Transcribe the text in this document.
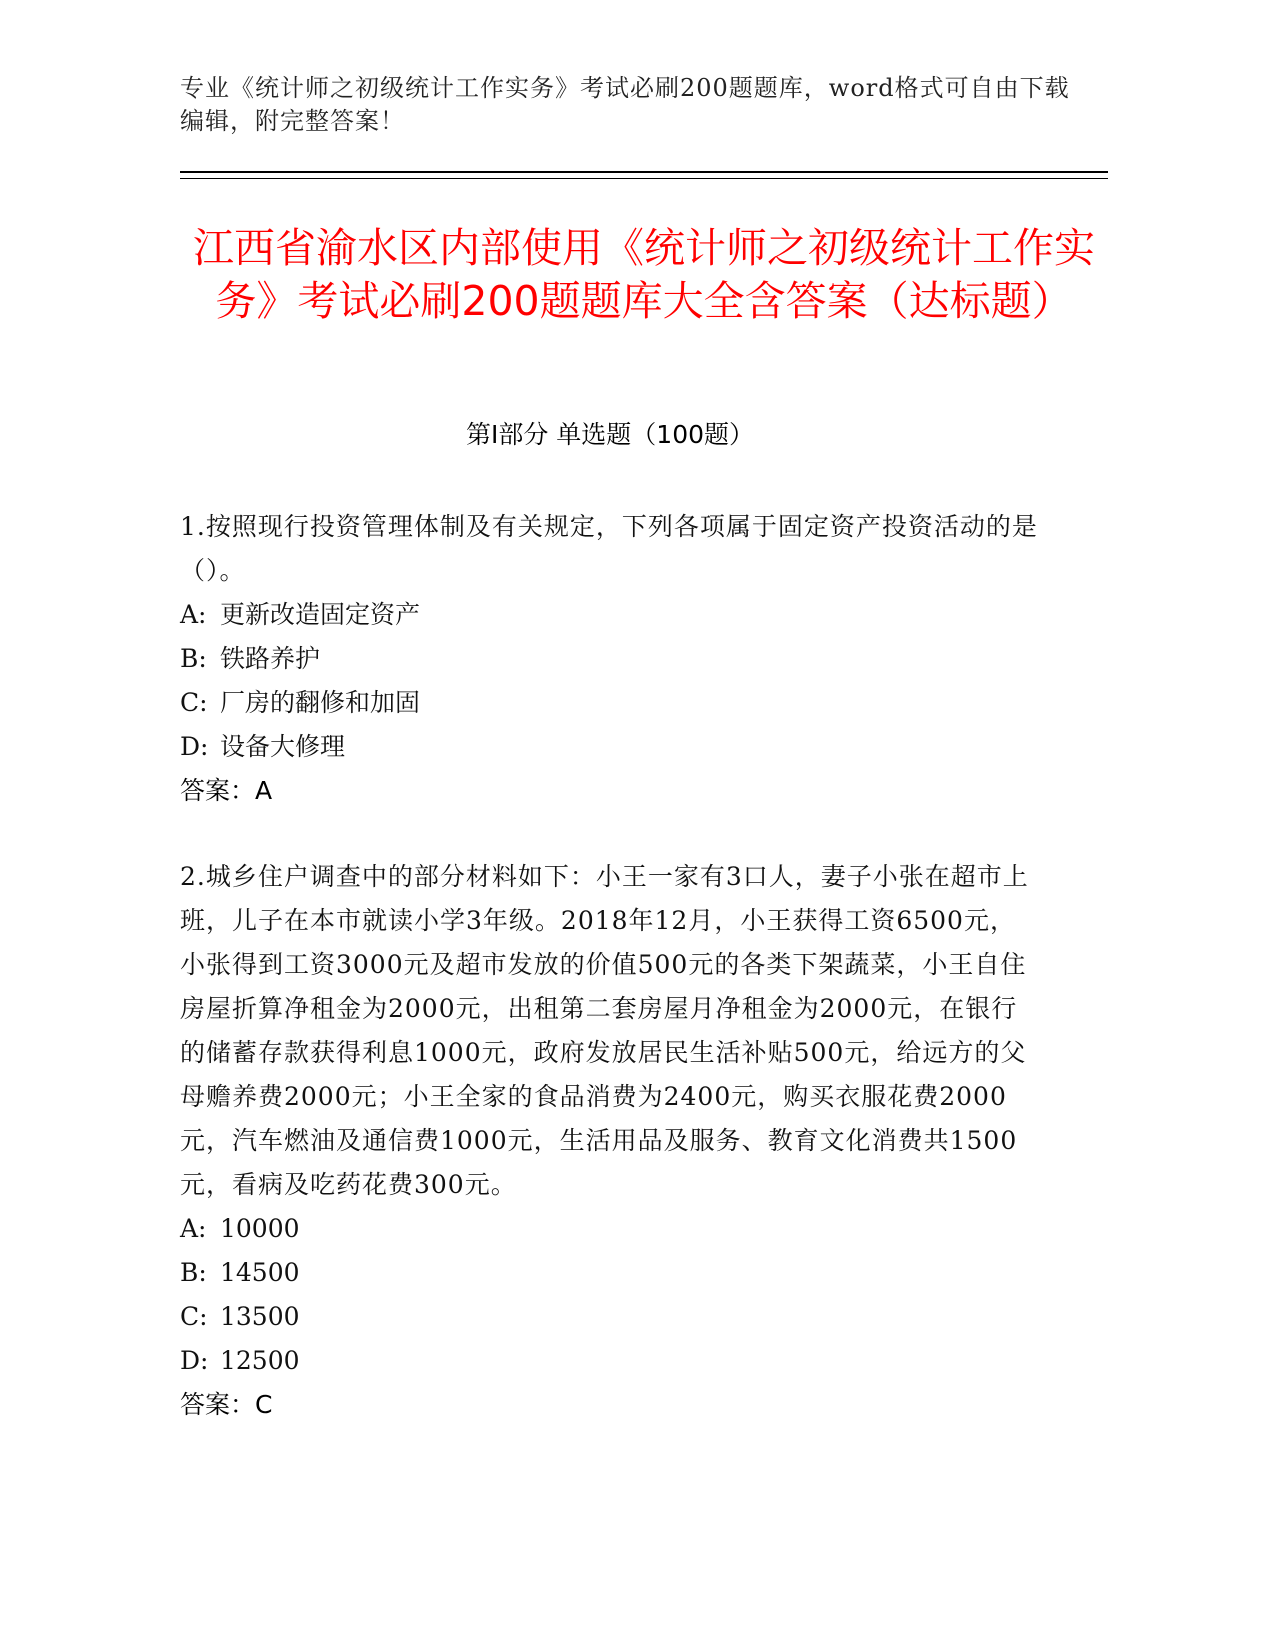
专业《统计师之初级统计工作实务》考试必刷200题题库，word格式可自由下载编辑，附完整答案！
江西省渝水区内部使用《统计师之初级统计工作实务》考试必刷200题题库大全含答案（达标题）
第I部分 单选题（100题）

1.按照现行投资管理体制及有关规定，下列各项属于固定资产投资活动的是（）。

A: 更新改造固定资产

B: 铁路养护

C: 厂房的翻修和加固

D: 设备大修理

答案：A

2.城乡住户调查中的部分材料如下：小王一家有3口人，妻子小张在超市上班，儿子在本市就读小学3年级。2018年12月，小王获得工资6500元，小张得到工资3000元及超市发放的价值500元的各类下架蔬菜，小王自住房屋折算净租金为2000元，出租第二套房屋月净租金为2000元，在银行的储蓄存款获得利息1000元，政府发放居民生活补贴500元，给远方的父母赡养费2000元；小王全家的食品消费为2400元，购买衣服花费2000元，汽车燃油及通信费1000元，生活用品及服务、教育文化消费共1500元，看病及吃药花费300元。

A: 10000

B: 14500

C: 13500

D: 12500

答案：C
